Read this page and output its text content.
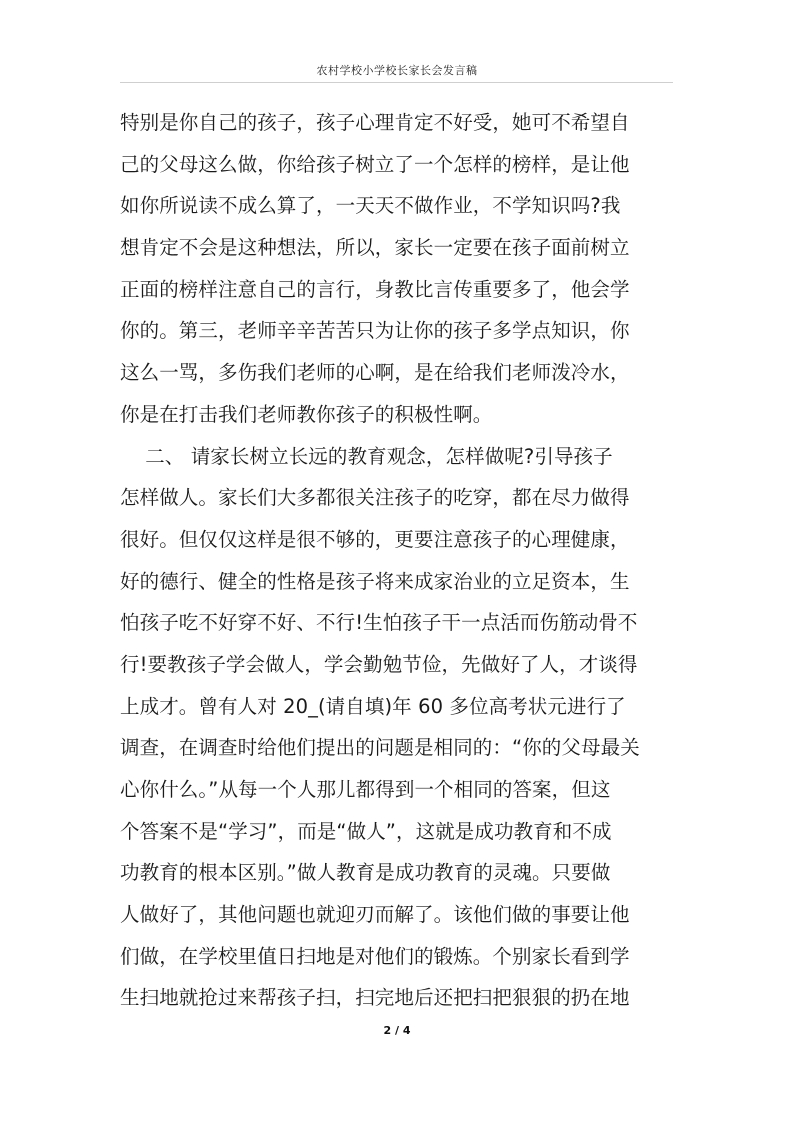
农村学校小学校长家长会发言稿
特别是你自己的孩子，孩子心理肯定不好受，她可不希望自
己的父母这么做，你给孩子树立了一个怎样的榜样，是让他
如你所说读不成么算了，一天天不做作业，不学知识吗?我
想肯定不会是这种想法，所以，家长一定要在孩子面前树立
正面的榜样注意自己的言行，身教比言传重要多了，他会学
你的。第三，老师辛辛苦苦只为让你的孩子多学点知识，你
这么一骂，多伤我们老师的心啊，是在给我们老师泼冷水，
你是在打击我们老师教你孩子的积极性啊。
二、 请家长树立长远的教育观念，怎样做呢?引导孩子
怎样做人。家长们大多都很关注孩子的吃穿，都在尽力做得
很好。但仅仅这样是很不够的，更要注意孩子的心理健康，
好的德行、健全的性格是孩子将来成家治业的立足资本，生
怕孩子吃不好穿不好、不行!生怕孩子干一点活而伤筋动骨不
行!要教孩子学会做人，学会勤勉节俭，先做好了人，才谈得
上成才。曾有人对 20_(请自填)年 60 多位高考状元进行了
调查，在调查时给他们提出的问题是相同的：“你的父母最关
心你什么。”从每一个人那儿都得到一个相同的答案，但这
个答案不是“学习”，而是“做人”，这就是成功教育和不成
功教育的根本区别。”做人教育是成功教育的灵魂。只要做
人做好了，其他问题也就迎刃而解了。该他们做的事要让他
们做，在学校里值日扫地是对他们的锻炼。个别家长看到学
生扫地就抢过来帮孩子扫，扫完地后还把扫把狠狠的扔在地
2 / 4
